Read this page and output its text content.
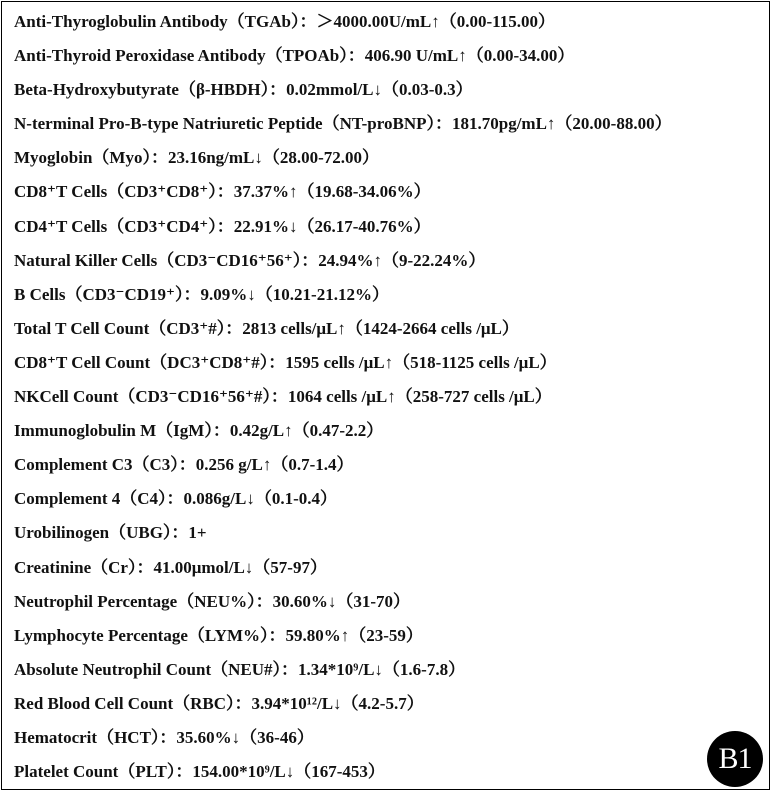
Anti-Thyroglobulin Antibody（TGAb）：＞4000.00U/mL↑（0.00-115.00）
Anti-Thyroid Peroxidase Antibody（TPOAb）：406.90 U/mL↑（0.00-34.00）
Beta-Hydroxybutyrate（β-HBDH）：0.02mmol/L↓（0.03-0.3）
N-terminal Pro-B-type Natriuretic Peptide（NT-proBNP）：181.70pg/mL↑（20.00-88.00）
Myoglobin（Myo）：23.16ng/mL↓（28.00-72.00）
CD8⁺T Cells（CD3⁺CD8⁺）：37.37%↑（19.68-34.06%）
CD4⁺T Cells（CD3⁺CD4⁺）：22.91%↓（26.17-40.76%）
Natural Killer Cells（CD3⁻CD16⁺56⁺）：24.94%↑（9-22.24%）
B Cells（CD3⁻CD19⁺）：9.09%↓（10.21-21.12%）
Total T Cell Count（CD3⁺#）：2813 cells/μL↑（1424-2664 cells /μL）
CD8⁺T Cell Count（DC3⁺CD8⁺#）：1595 cells /μL↑（518-1125 cells /μL）
NKCell Count（CD3⁻CD16⁺56⁺#）：1064 cells /μL↑（258-727 cells /μL）
Immunoglobulin M（IgM）：0.42g/L↑（0.47-2.2）
Complement C3（C3）：0.256 g/L↑（0.7-1.4）
Complement 4（C4）：0.086g/L↓（0.1-0.4）
Urobilinogen（UBG）：1+
Creatinine（Cr）：41.00μmol/L↓（57-97）
Neutrophil Percentage（NEU%）：30.60%↓（31-70）
Lymphocyte Percentage（LYM%）：59.80%↑（23-59）
Absolute Neutrophil Count（NEU#）：1.34*10⁹/L↓（1.6-7.8）
Red Blood Cell Count（RBC）：3.94*10¹²/L↓（4.2-5.7）
Hematocrit（HCT）：35.60%↓（36-46）
Platelet Count（PLT）：154.00*10⁹/L↓（167-453）	B1
